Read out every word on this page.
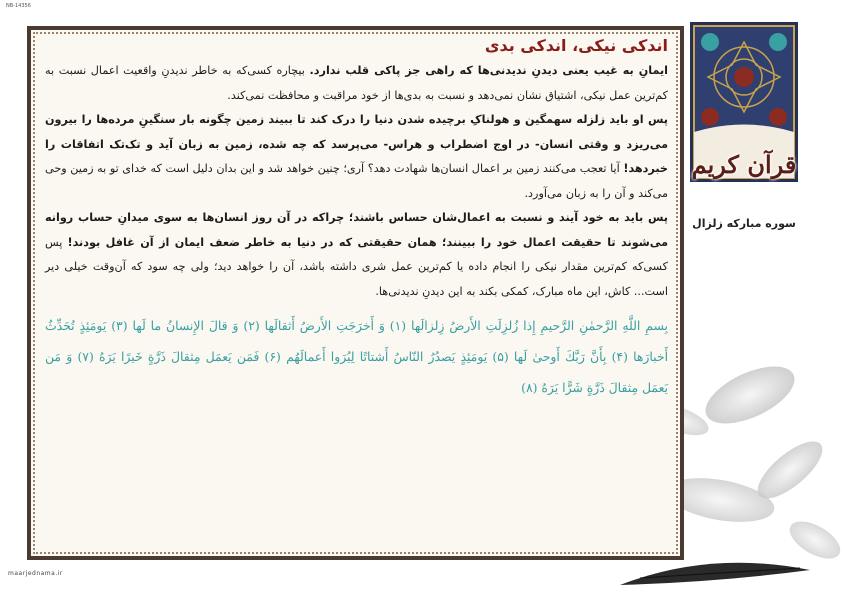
NB-14356
قرآن کریم
سوره مبارکه زلزال
اندکی نیکی، اندکی بدی

ایمانِ به غیب یعنی دیدنِ ندیدنی‌ها که راهی جز پاکی قلب ندارد. بیچاره کسی‌که به خاطر ندیدنِ واقعیت اعمال نسبت به کم‌ترین عمل نیکی، اشتیاق نشان نمی‌دهد و نسبت به بدی‌ها از خود مراقبت و محافظت نمی‌کند.

پس او باید زلزله سهمگین و هولناکِ برچیده شدن دنیا را درک کند تا ببیند زمین چگونه بار سنگینِ مرده‌ها را بیرون می‌ریزد و وقتی انسان- در اوج اضطراب و هراس- می‌پرسد که چه شده، زمین به زبان آید و تک‌تک اتفاقات را خبردهد! آیا تعجب می‌کنند زمین بر اعمال انسان‌ها شهادت دهد؟ آری؛ چنین خواهد شد و این بدان دلیل است که خدای تو به زمین وحی می‌کند و آن را به زبان می‌آورد.

پس باید به خود آیند و نسبت به اعمال‌شان حساس باشند؛ چراکه در آن روز انسان‌ها به سوی میدانِ حساب روانه می‌شوند تا حقیقت اعمال خود را ببینند؛ همان حقیقتی که در دنیا به خاطر ضعف ایمان از آن غافل بودند! پس کسی‌که کم‌ترین مقدار نیکی را انجام داده یا کم‌ترین عمل شری داشته باشد، آن را خواهد دید؛ ولی چه سود که آن‌وقت خیلی دیر است... کاش، این ماه مبارک، کمکی بکند به این دیدنِ ندیدنی‌ها.

بِسمِ اللَّهِ الرَّحمٰنِ الرَّحیمِ إِذا زُلزِلَتِ الأَرضُ زِلزالَها (۱) وَ أَخرَجَتِ الأَرضُ أَثقالَها (۲) وَ قالَ الإِنسانُ ما لَها (۳) یَومَئِذٍ تُحَدِّثُ أَخبارَها (۴) بِأَنَّ رَبَّكَ أَوحىٰ لَها (۵) یَومَئِذٍ یَصدُرُ النّاسُ أَشتاتًا لِیُرَوا أَعمالَهُم (۶) فَمَن یَعمَل مِثقالَ ذَرَّةٍ خَیرًا یَرَهُ (۷) وَ مَن یَعمَل مِثقالَ ذَرَّةٍ شَرًّا یَرَهُ (۸)
maarjednama.ir
